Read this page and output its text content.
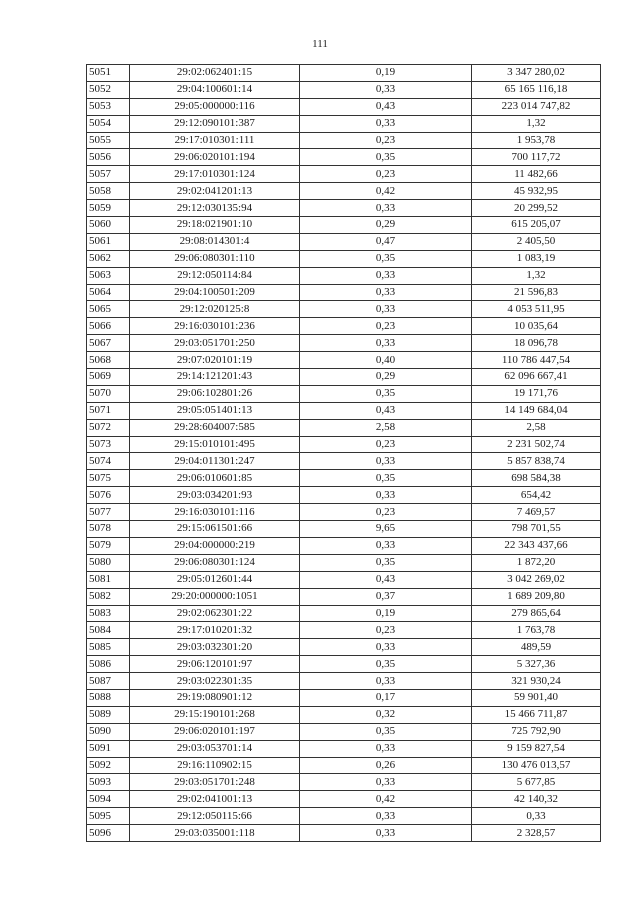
111
5051	29:02:062401:15	0,19	3 347 280,02
5052	29:04:100601:14	0,33	65 165 116,18
5053	29:05:000000:116	0,43	223 014 747,82
5054	29:12:090101:387	0,33	1,32
5055	29:17:010301:111	0,23	1 953,78
5056	29:06:020101:194	0,35	700 117,72
5057	29:17:010301:124	0,23	11 482,66
5058	29:02:041201:13	0,42	45 932,95
5059	29:12:030135:94	0,33	20 299,52
5060	29:18:021901:10	0,29	615 205,07
5061	29:08:014301:4	0,47	2 405,50
5062	29:06:080301:110	0,35	1 083,19
5063	29:12:050114:84	0,33	1,32
5064	29:04:100501:209	0,33	21 596,83
5065	29:12:020125:8	0,33	4 053 511,95
5066	29:16:030101:236	0,23	10 035,64
5067	29:03:051701:250	0,33	18 096,78
5068	29:07:020101:19	0,40	110 786 447,54
5069	29:14:121201:43	0,29	62 096 667,41
5070	29:06:102801:26	0,35	19 171,76
5071	29:05:051401:13	0,43	14 149 684,04
5072	29:28:604007:585	2,58	2,58
5073	29:15:010101:495	0,23	2 231 502,74
5074	29:04:011301:247	0,33	5 857 838,74
5075	29:06:010601:85	0,35	698 584,38
5076	29:03:034201:93	0,33	654,42
5077	29:16:030101:116	0,23	7 469,57
5078	29:15:061501:66	9,65	798 701,55
5079	29:04:000000:219	0,33	22 343 437,66
5080	29:06:080301:124	0,35	1 872,20
5081	29:05:012601:44	0,43	3 042 269,02
5082	29:20:000000:1051	0,37	1 689 209,80
5083	29:02:062301:22	0,19	279 865,64
5084	29:17:010201:32	0,23	1 763,78
5085	29:03:032301:20	0,33	489,59
5086	29:06:120101:97	0,35	5 327,36
5087	29:03:022301:35	0,33	321 930,24
5088	29:19:080901:12	0,17	59 901,40
5089	29:15:190101:268	0,32	15 466 711,87
5090	29:06:020101:197	0,35	725 792,90
5091	29:03:053701:14	0,33	9 159 827,54
5092	29:16:110902:15	0,26	130 476 013,57
5093	29:03:051701:248	0,33	5 677,85
5094	29:02:041001:13	0,42	42 140,32
5095	29:12:050115:66	0,33	0,33
5096	29:03:035001:118	0,33	2 328,57
